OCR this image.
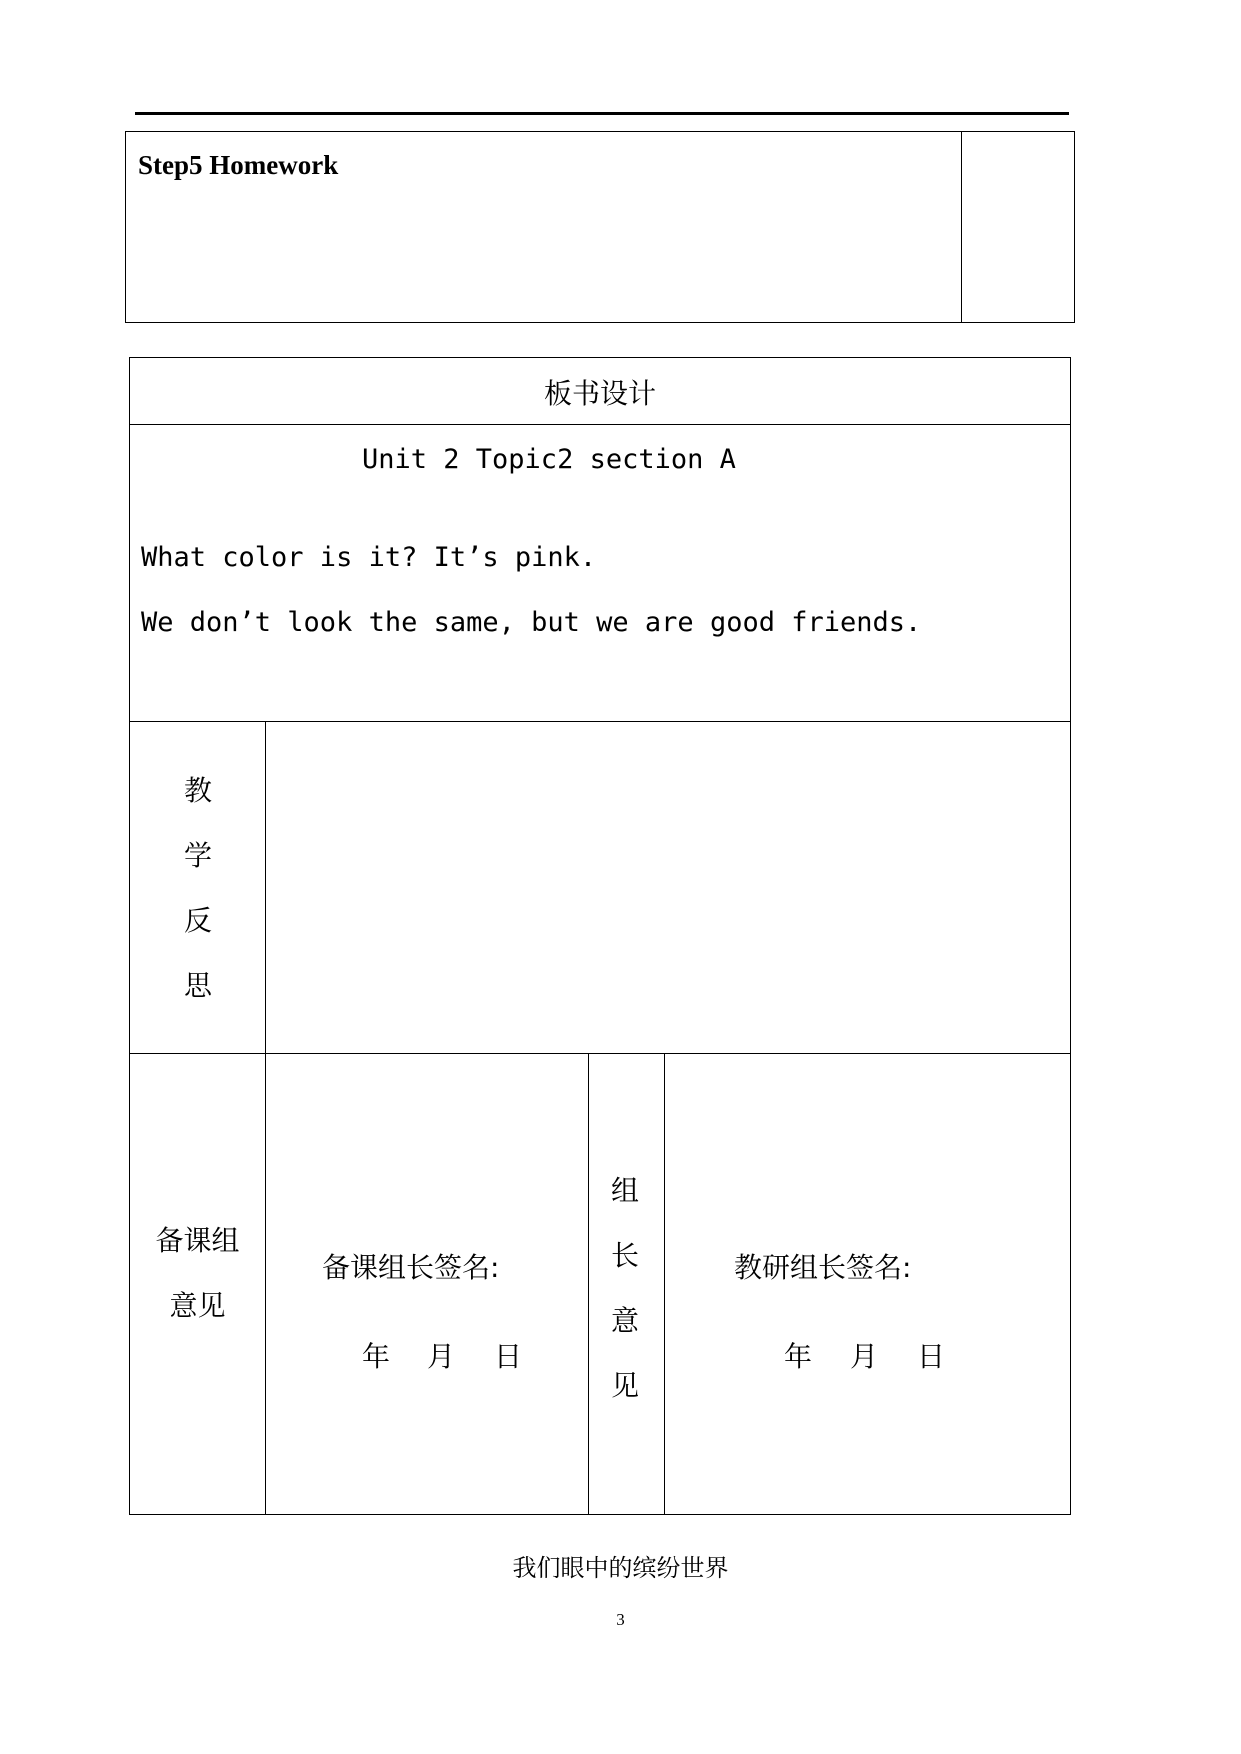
Step5 Homework
板书设计
Unit 2 Topic2 section A
What color is it? It’s pink.
We don’t look the same, but we are good friends.
教
学
反
思
备课组
意见
备课组长签名:
年 月 日
组
长
意
见
教研组长签名:
年 月 日
我们眼中的缤纷世界
3
